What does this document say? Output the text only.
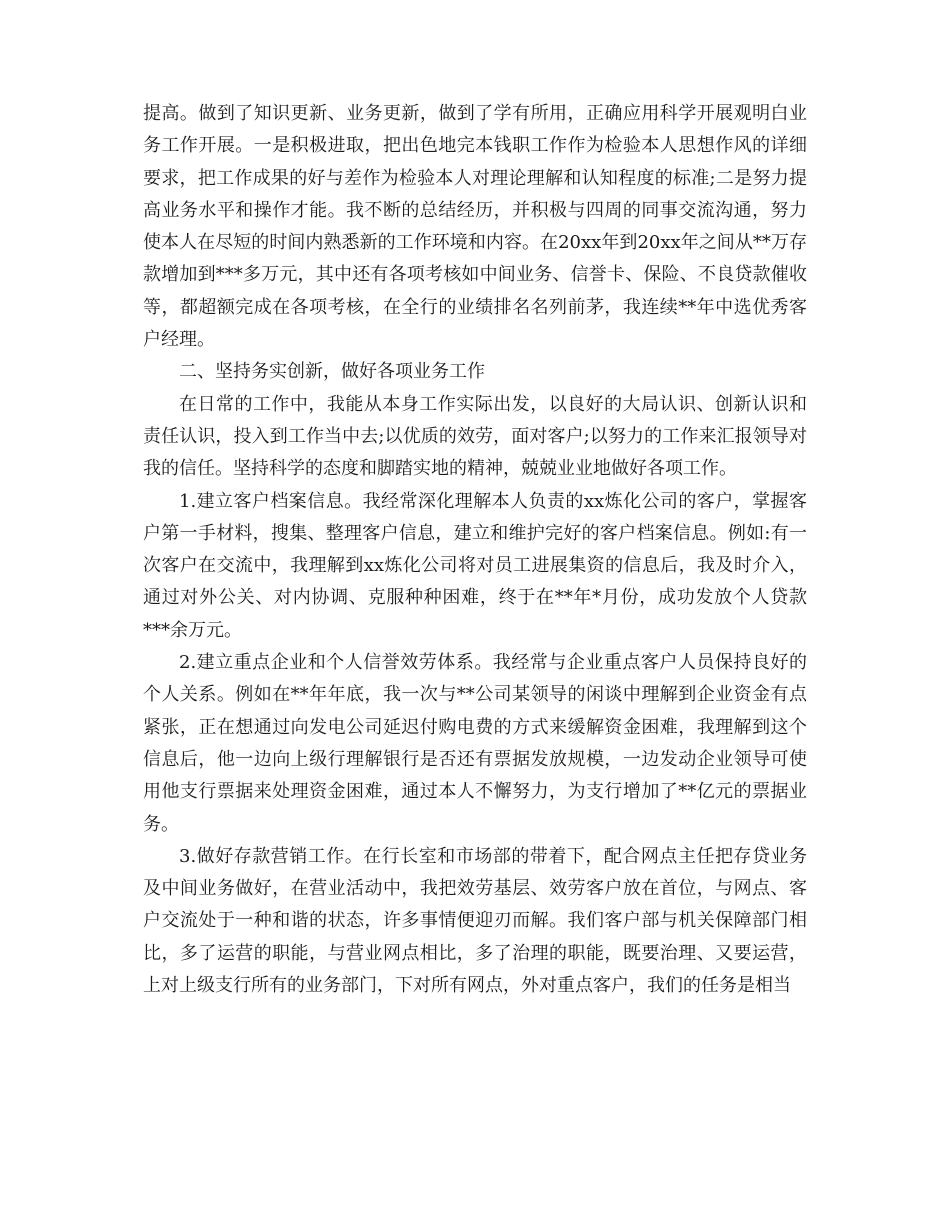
提高。做到了知识更新、业务更新，做到了学有所用，正确应用科学开展观明白业务工作开展。一是积极进取，把出色地完本钱职工作作为检验本人思想作风的详细要求，把工作成果的好与差作为检验本人对理论理解和认知程度的标准;二是努力提高业务水平和操作才能。我不断的总结经历，并积极与四周的同事交流沟通，努力使本人在尽短的时间内熟悉新的工作环境和内容。在20xx年到20xx年之间从**万存款增加到***多万元，其中还有各项考核如中间业务、信誉卡、保险、不良贷款催收等，都超额完成在各项考核，在全行的业绩排名名列前茅，我连续**年中选优秀客户经理。

二、坚持务实创新，做好各项业务工作

在日常的工作中，我能从本身工作实际出发，以良好的大局认识、创新认识和责任认识，投入到工作当中去;以优质的效劳，面对客户;以努力的工作来汇报领导对我的信任。坚持科学的态度和脚踏实地的精神，兢兢业业地做好各项工作。

1.建立客户档案信息。我经常深化理解本人负责的xx炼化公司的客户，掌握客户第一手材料，搜集、整理客户信息，建立和维护完好的客户档案信息。例如:有一次客户在交流中，我理解到xx炼化公司将对员工进展集资的信息后，我及时介入，通过对外公关、对内协调、克服种种困难，终于在**年*月份，成功发放个人贷款***余万元。

2.建立重点企业和个人信誉效劳体系。我经常与企业重点客户人员保持良好的个人关系。例如在**年年底，我一次与**公司某领导的闲谈中理解到企业资金有点紧张，正在想通过向发电公司延迟付购电费的方式来缓解资金困难，我理解到这个信息后，他一边向上级行理解银行是否还有票据发放规模，一边发动企业领导可使用他支行票据来处理资金困难，通过本人不懈努力，为支行增加了**亿元的票据业务。

3.做好存款营销工作。在行长室和市场部的带着下，配合网点主任把存贷业务及中间业务做好，在营业活动中，我把效劳基层、效劳客户放在首位，与网点、客户交流处于一种和谐的状态，许多事情便迎刃而解。我们客户部与机关保障部门相比，多了运营的职能，与营业网点相比，多了治理的职能，既要治理、又要运营，上对上级支行所有的业务部门，下对所有网点，外对重点客户，我们的任务是相当
